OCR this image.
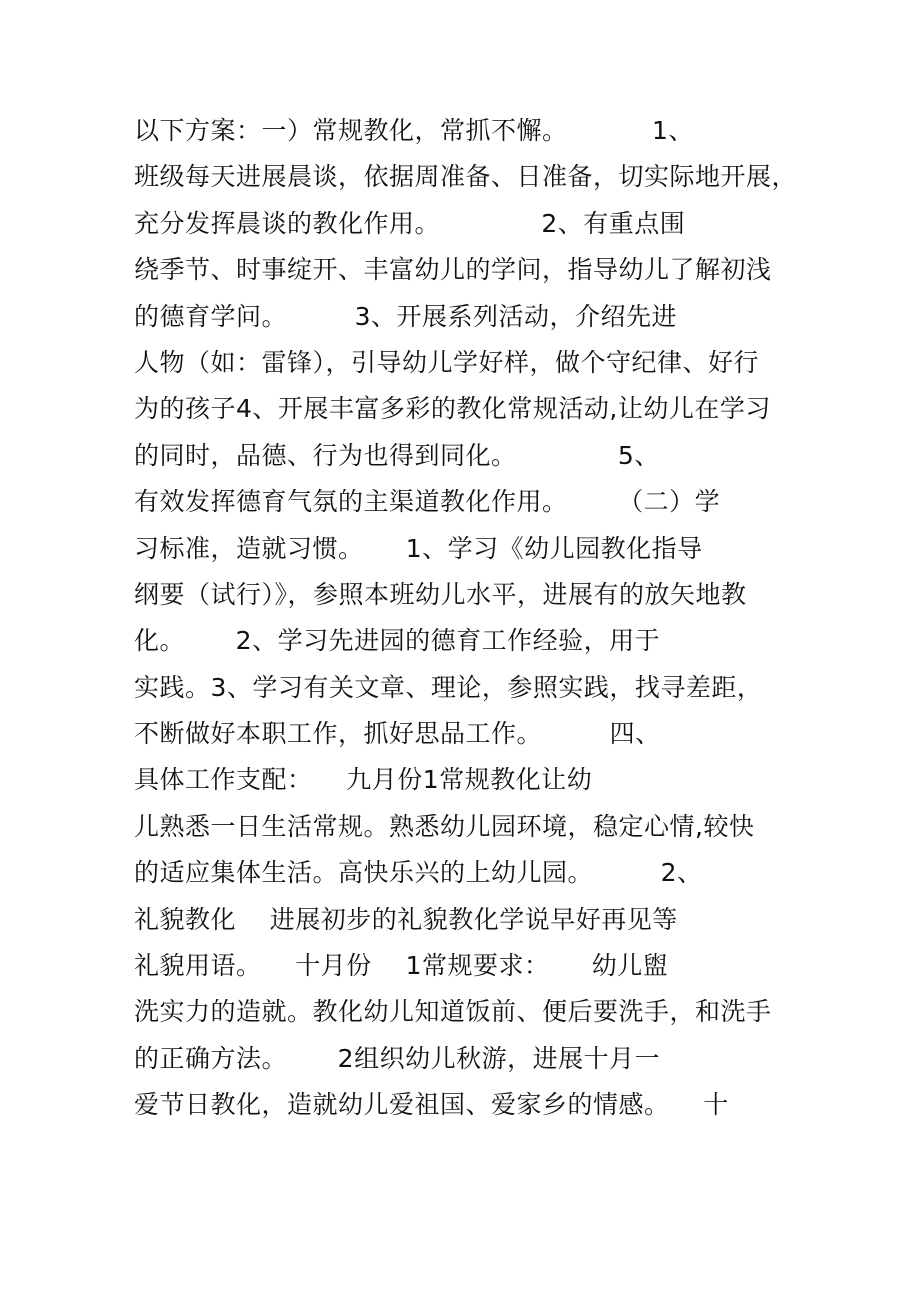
以下方案：一）常规教化，常抓不懈。          1、
班级每天进展晨谈，依据周准备、日准备，切实际地开展，
充分发挥晨谈的教化作用。            2、有重点围
绕季节、时事绽开、丰富幼儿的学问，指导幼儿了解初浅
的德育学问。        3、开展系列活动，介绍先进
人物（如：雷锋），引导幼儿学好样，做个守纪律、好行
为的孩子4、开展丰富多彩的教化常规活动,让幼儿在学习
的同时，品德、行为也得到同化。            5、
有效发挥德育气氛的主渠道教化作用。      （二）学
习标准，造就习惯。     1、学习《幼儿园教化指导
纲要（试行）》，参照本班幼儿水平，进展有的放矢地教
化。      2、学习先进园的德育工作经验，用于
实践。3、学习有关文章、理论，参照实践，找寻差距，
不断做好本职工作，抓好思品工作。        四、
具体工作支配：    九月份1常规教化让幼
儿熟悉一日生活常规。熟悉幼儿园环境，稳定心情,较快
的适应集体生活。高快乐兴的上幼儿园。        2、
礼貌教化    进展初步的礼貌教化学说早好再见等
礼貌用语。    十月份    1常规要求：     幼儿盥
洗实力的造就。教化幼儿知道饭前、便后要洗手，和洗手
的正确方法。      2组织幼儿秋游，进展十月一
爱节日教化，造就幼儿爱祖国、爱家乡的情感。    十
